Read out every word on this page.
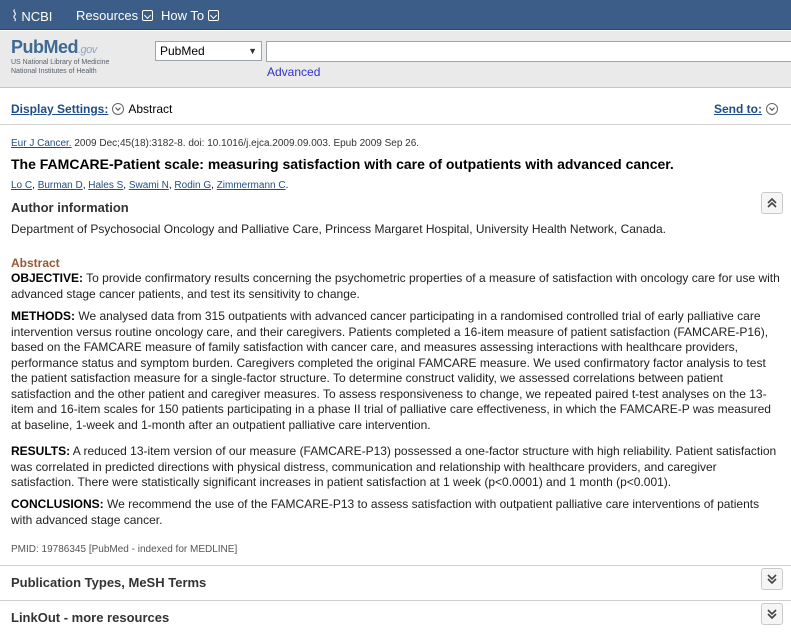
⌇ NCBI Resources How To
PubMed.gov
US National Library of Medicine
National Institutes of Health
PubMed	▼
Advanced
Display Settings: Abstract	Send to:
Eur J Cancer. 2009 Dec;45(18):3182-8. doi: 10.1016/j.ejca.2009.09.003. Epub 2009 Sep 26.
The FAMCARE-Patient scale: measuring satisfaction with care of outpatients with advanced cancer.
Lo C, Burman D, Hales S, Swami N, Rodin G, Zimmermann C.
Author information
Department of Psychosocial Oncology and Palliative Care, Princess Margaret Hospital, University Health Network, Canada.
Abstract
OBJECTIVE: To provide confirmatory results concerning the psychometric properties of a measure of satisfaction with oncology care for use with advanced stage cancer patients, and test its sensitivity to change.
METHODS: We analysed data from 315 outpatients with advanced cancer participating in a randomised controlled trial of early palliative care intervention versus routine oncology care, and their caregivers. Patients completed a 16-item measure of patient satisfaction (FAMCARE-P16), based on the FAMCARE measure of family satisfaction with cancer care, and measures assessing interactions with healthcare providers, performance status and symptom burden. Caregivers completed the original FAMCARE measure. We used confirmatory factor analysis to test the patient satisfaction measure for a single-factor structure. To determine construct validity, we assessed correlations between patient satisfaction and the other patient and caregiver measures. To assess responsiveness to change, we repeated paired t-test analyses on the 13-item and 16-item scales for 150 patients participating in a phase II trial of palliative care effectiveness, in which the FAMCARE-P was measured at baseline, 1-week and 1-month after an outpatient palliative care intervention.
RESULTS: A reduced 13-item version of our measure (FAMCARE-P13) possessed a one-factor structure with high reliability. Patient satisfaction was correlated in predicted directions with physical distress, communication and relationship with healthcare providers, and caregiver satisfaction. There were statistically significant increases in patient satisfaction at 1 week (p<0.0001) and 1 month (p<0.001).
CONCLUSIONS: We recommend the use of the FAMCARE-P13 to assess satisfaction with outpatient palliative care interventions of patients with advanced stage cancer.
PMID: 19786345 [PubMed - indexed for MEDLINE]
Publication Types, MeSH Terms
LinkOut - more resources
